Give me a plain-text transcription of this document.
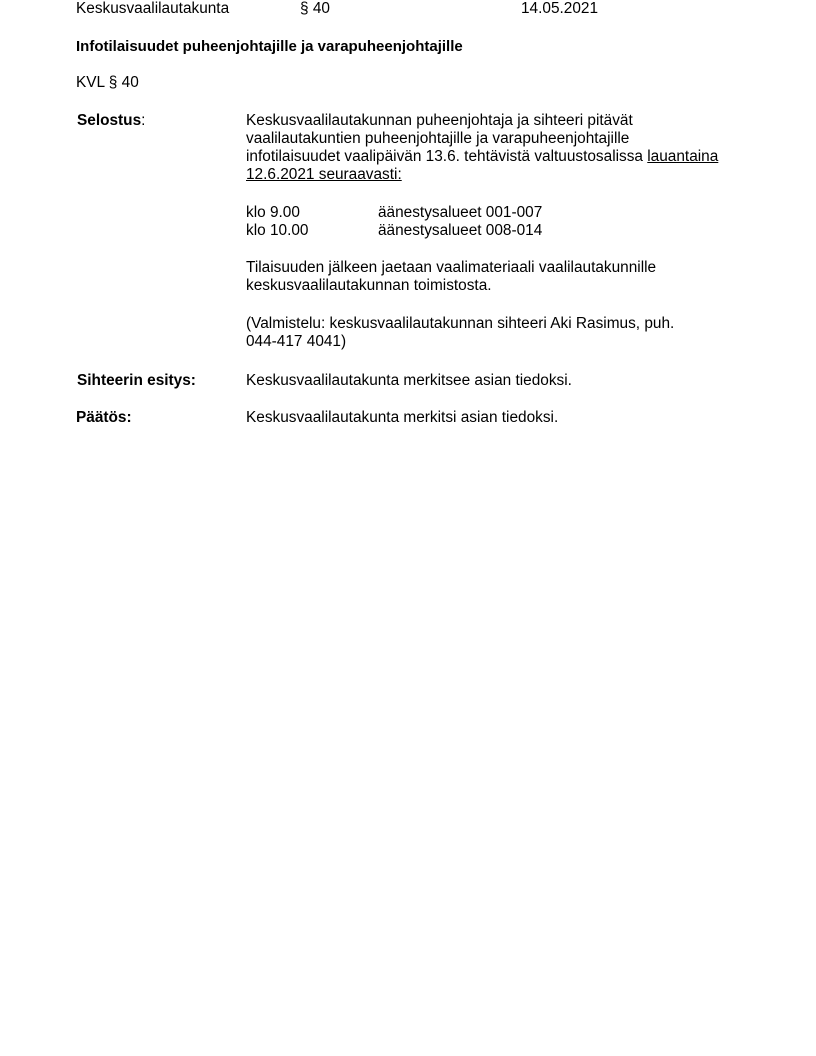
Keskusvaalilautakunta	§ 40	14.05.2021
Infotilaisuudet puheenjohtajille ja varapuheenjohtajille
KVL § 40
Selostus:	Keskusvaalilautakunnan puheenjohtaja ja sihteeri pitävät
vaalilautakuntien puheenjohtajille ja varapuheenjohtajille
infotilaisuudet vaalipäivän 13.6. tehtävistä valtuustosalissa lauantaina
12.6.2021 seuraavasti:
klo 9.00	äänestysalueet 001-007
klo 10.00	äänestysalueet 008-014
Tilaisuuden jälkeen jaetaan vaalimateriaali vaalilautakunnille
keskusvaalilautakunnan toimistosta.
(Valmistelu: keskusvaalilautakunnan sihteeri Aki Rasimus, puh.
044-417 4041)
Sihteerin esitys:	Keskusvaalilautakunta merkitsee asian tiedoksi.
Päätös:	Keskusvaalilautakunta merkitsi asian tiedoksi.
